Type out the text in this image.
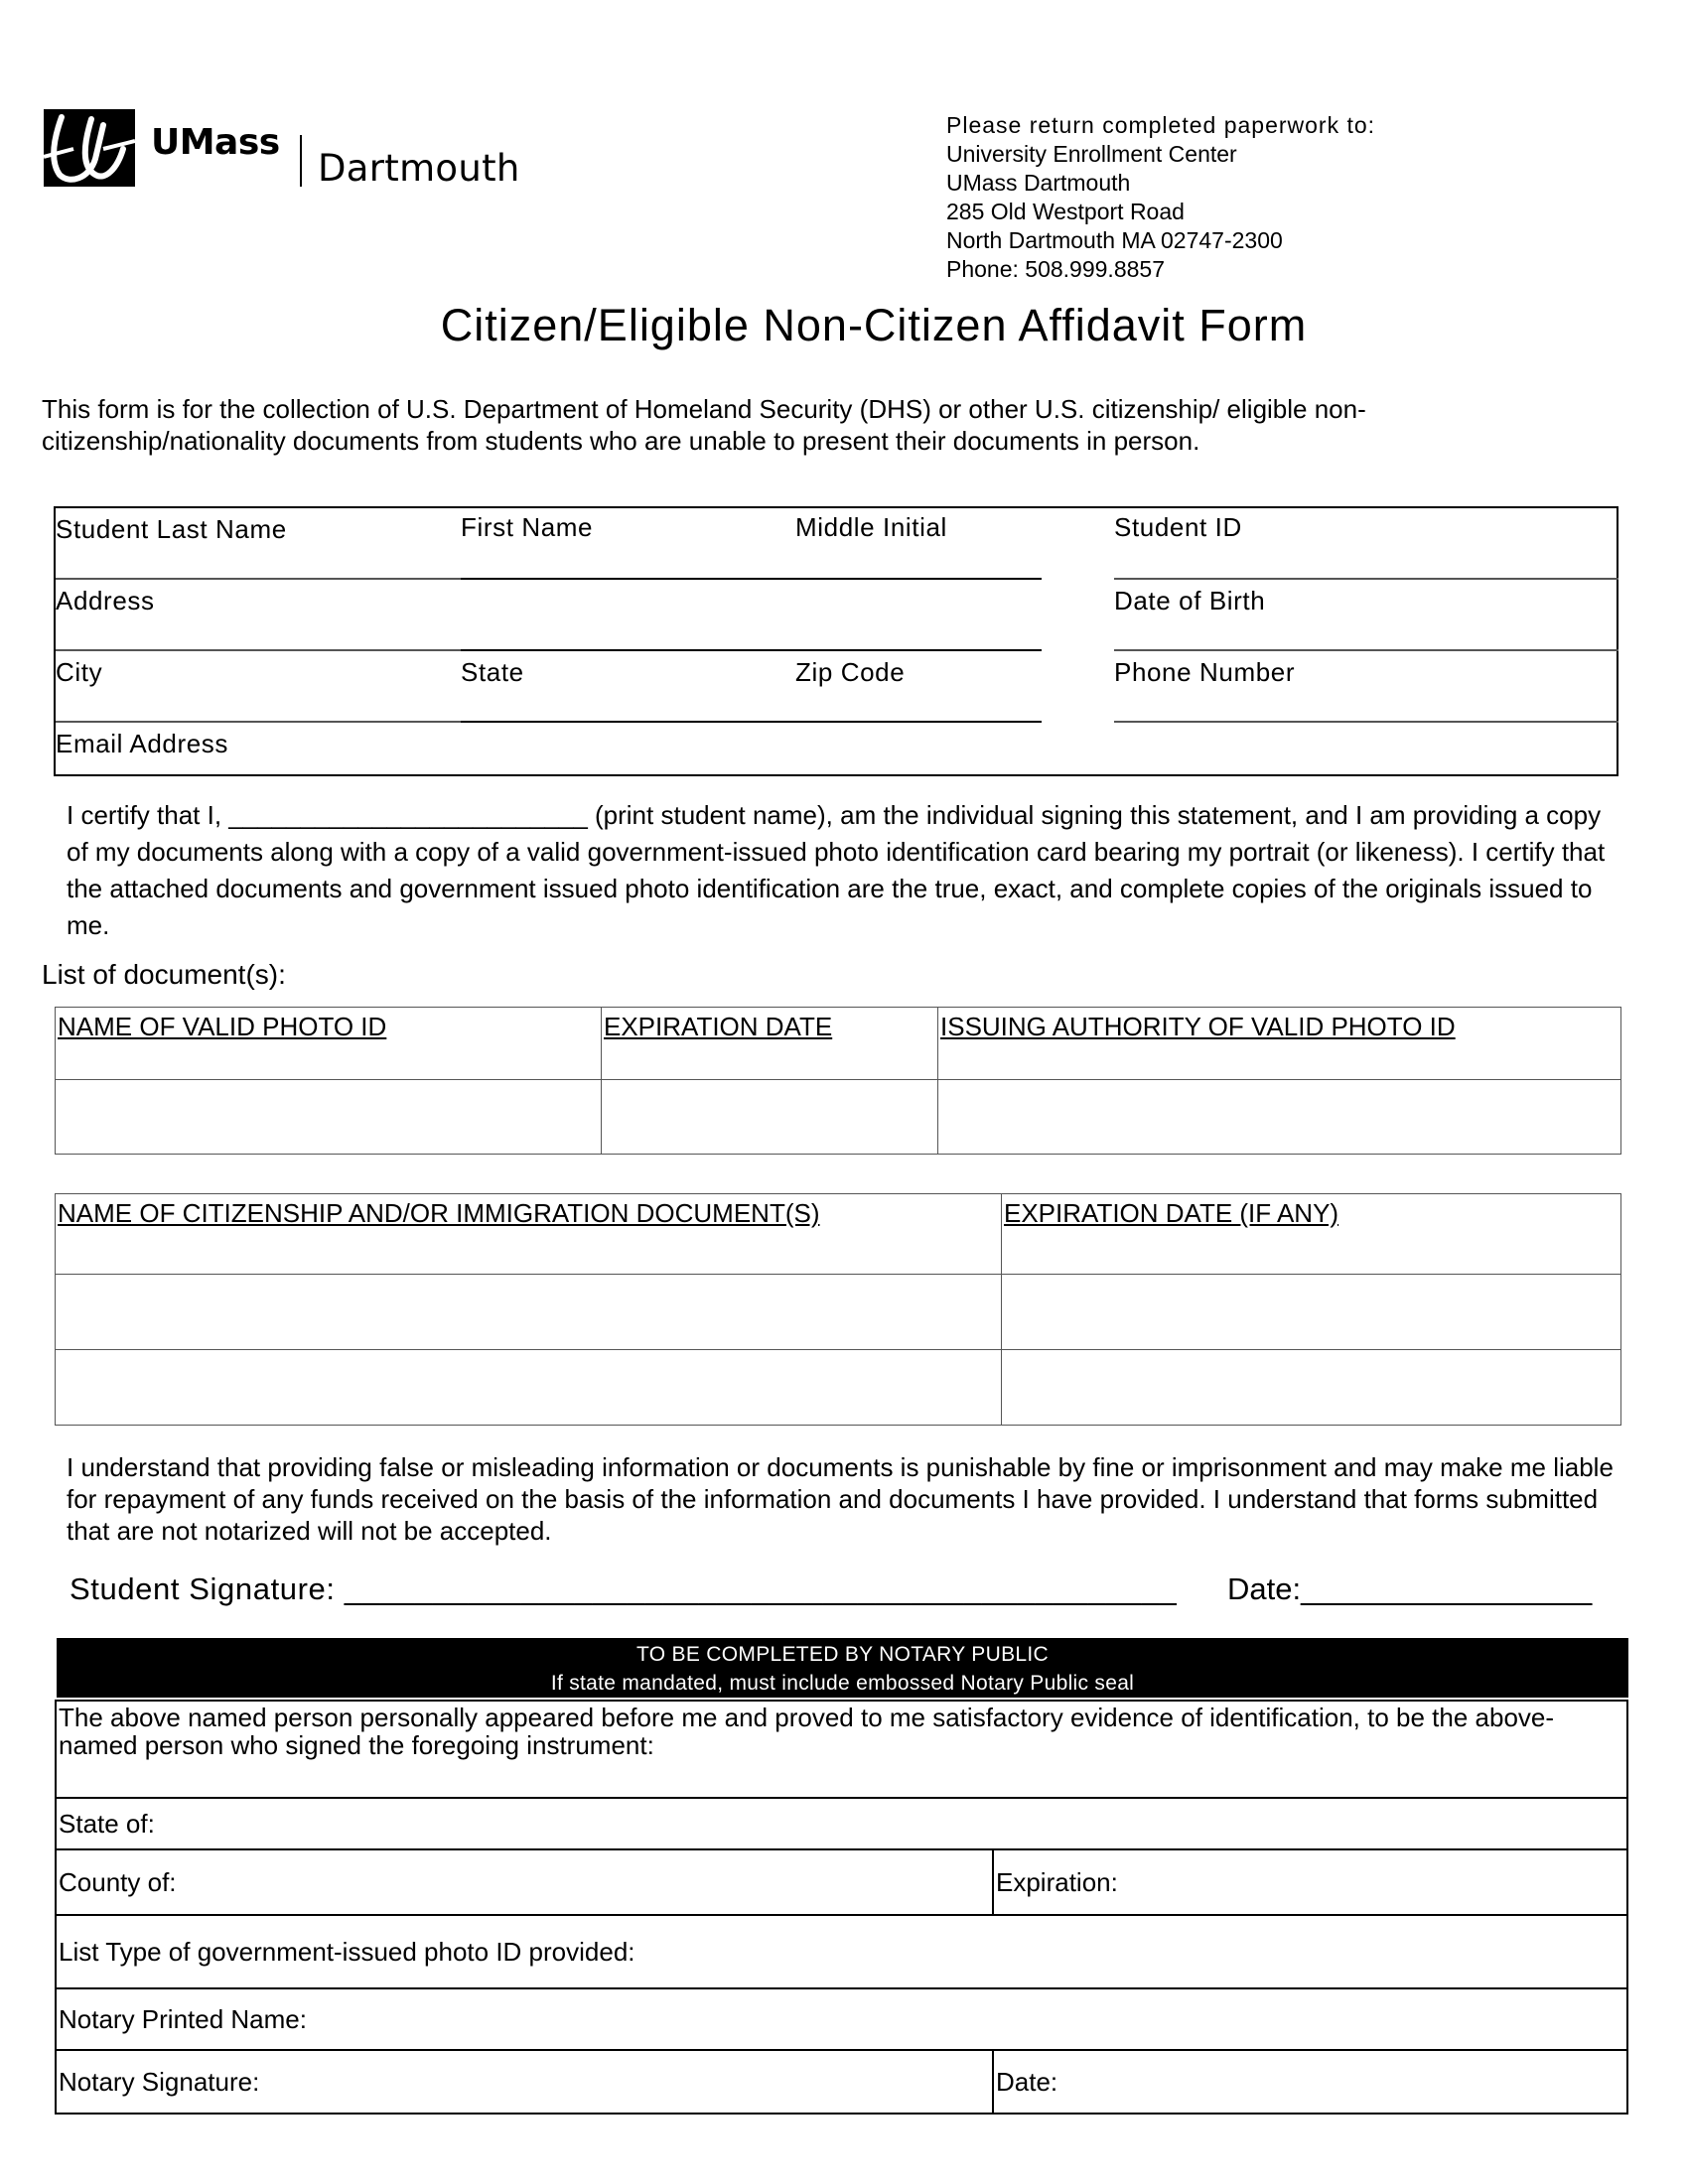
UMass
Dartmouth
Please return completed paperwork to:
University Enrollment Center
UMass Dartmouth
285 Old Westport Road
North Dartmouth MA 02747-2300
Phone: 508.999.8857
Citizen/Eligible Non-Citizen Affidavit Form
This form is for the collection of U.S. Department of Homeland Security (DHS) or other U.S. citizenship/ eligible non-citizenship/nationality documents from students who are unable to present their documents in person.
Student Last Name	First Name	Middle Initial	Student ID
Address	Date of Birth
City	State	Zip Code	Phone Number
Email Address
I certify that I, _________________________ (print student name), am the individual signing this statement, and I am providing a copy of my documents along with a copy of a valid government-issued photo identification card bearing my portrait (or likeness). I certify that the attached documents and government issued photo identification are the true, exact, and complete copies of the originals issued to me.
List of document(s):
NAME OF VALID PHOTO ID	EXPIRATION DATE	ISSUING AUTHORITY OF VALID PHOTO ID

NAME OF CITIZENSHIP AND/OR IMMIGRATION DOCUMENT(S)	EXPIRATION DATE (IF ANY)

I understand that providing false or misleading information or documents is punishable by fine or imprisonment and may make me liable for repayment of any funds received on the basis of the information and documents I have provided. I understand that forms submitted that are not notarized will not be accepted.
Student Signature: _______________________________________________ Date:_________________
TO BE COMPLETED BY NOTARY PUBLIC
If state mandated, must include embossed Notary Public seal
The above named person personally appeared before me and proved to me satisfactory evidence of identification, to be the above-named person who signed the foregoing instrument:	
State of:	
County of:	Expiration:
List Type of government-issued photo ID provided:	
Notary Printed Name:	
Notary Signature:	Date:
